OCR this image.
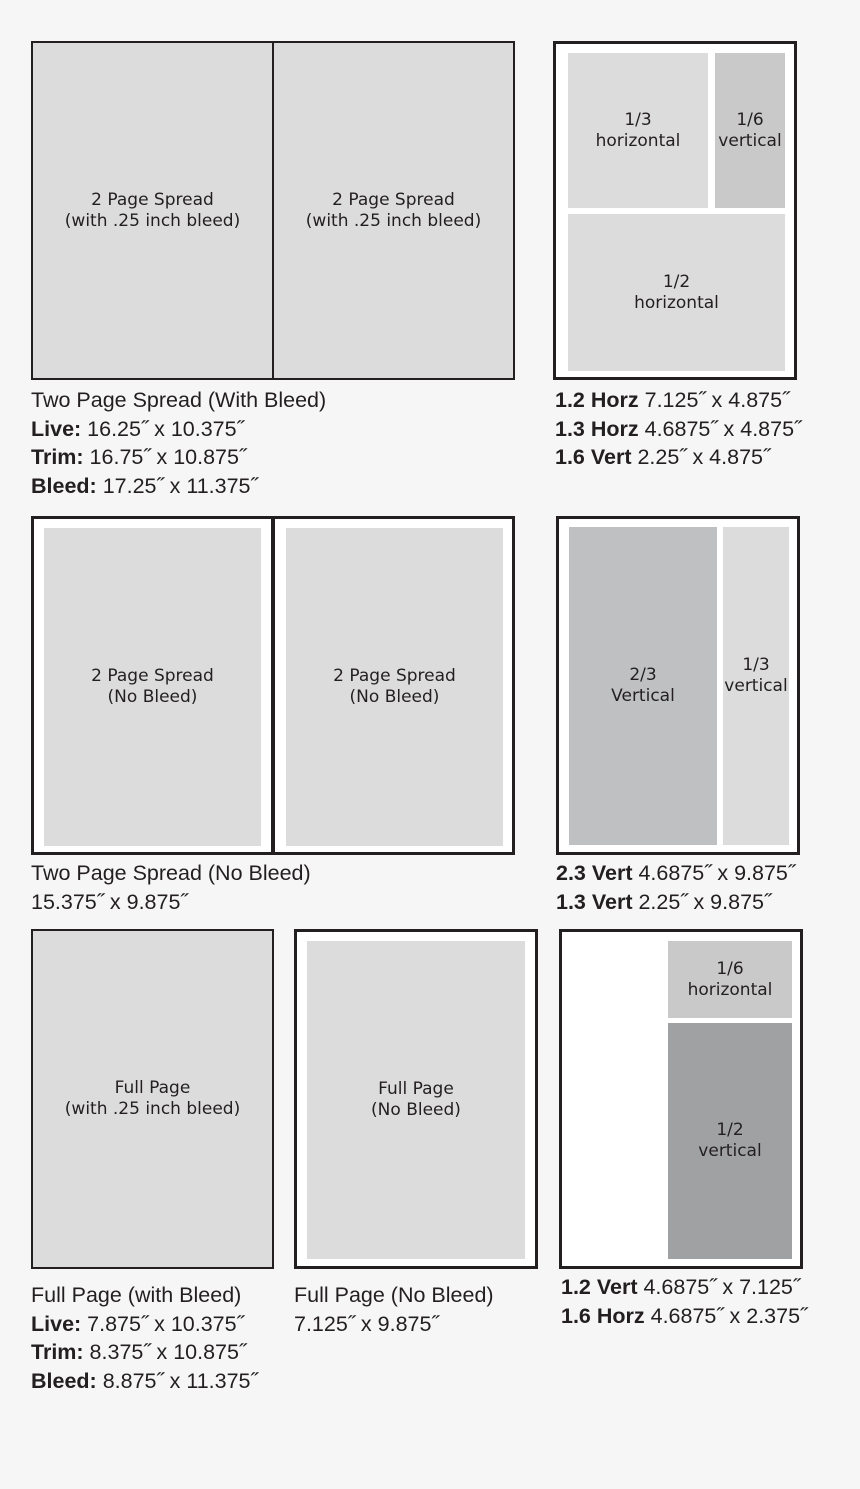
2 Page Spread
(with .25 inch bleed)
2 Page Spread
(with .25 inch bleed)
1/3
horizontal
1/6
vertical
1/2
horizontal
Two Page Spread (With Bleed)
Live: 16.25˝ x 10.375˝
Trim: 16.75˝ x 10.875˝
Bleed: 17.25˝ x 11.375˝
1.2 Horz 7.125˝ x 4.875˝
1.3 Horz 4.6875˝ x 4.875˝
1.6 Vert 2.25˝ x 4.875˝
2 Page Spread
(No Bleed)
2 Page Spread
(No Bleed)
2/3
Vertical
1/3
vertical
Two Page Spread (No Bleed)
15.375˝ x 9.875˝
2.3 Vert 4.6875˝ x 9.875˝
1.3 Vert 2.25˝ x 9.875˝
Full Page
(with .25 inch bleed)
Full Page
(No Bleed)
1/6
horizontal
1/2
vertical
Full Page (with Bleed)
Live: 7.875˝ x 10.375˝
Trim: 8.375˝ x 10.875˝
Bleed: 8.875˝ x 11.375˝
Full Page (No Bleed)
7.125˝ x 9.875˝
1.2 Vert 4.6875˝ x 7.125˝
1.6 Horz 4.6875˝ x 2.375˝
